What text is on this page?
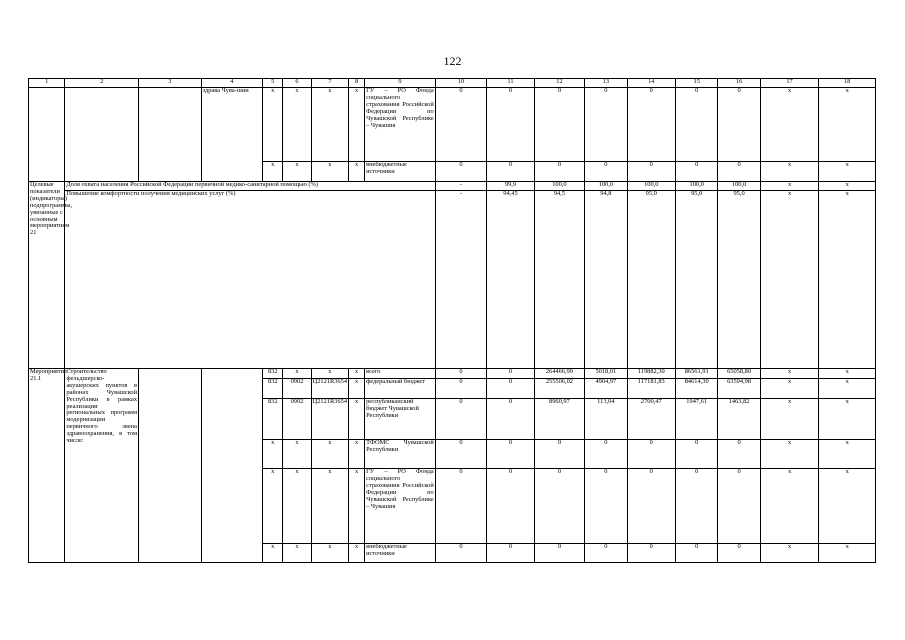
122
1	2	3	4	5	6	7	8	9	10	11	12	13	14	15	16	17	18
			здрава Чува-шии	x	x	x	x	ГУ – РО Фонда социального страхования Российской Федерации по Чувашской Республике – Чувашия	0	0	0	0	0	0	0	x	x
				x	x	x	x	внебюджетные источники	0	0	0	0	0	0	0	x	x
Целевые показатели (индикаторы) подпрограммы, увязанные с основным мероприятием 21	Доля охвата населения Российской Федерации первичной медико-санитарной помощью (%)								-	99,9	100,0	100,0	100,0	100,0	100,0	x	x
	Повышение комфортности получения медицинских услуг (%)								-	94,45	94,5	94,8	95,0	95,0	95,0	x	x
Мероприятие 21.1	Строительство фельдшерско-акушерских пунктов в районах Чувашской Республики в рамках реализации региональных программ модернизации первичного звена здравоохранения, в том числе:			832	x	x	x	всего	0	0	264466,99	5018,01	119882,30	86561,91	65058,80	x	x
				832	0902	Ц2121R3654	x	федеральный бюджет	0	0	255506,02	4904,97	117181,83	84614,30	63594,98	x	x
				832	0902	Ц2121R3654	x	республиканский бюджет Чувашской Республики	0	0	8960,97	113,04	2700,47	1947,61	1463,82	x	x
				x	x	x	x	ТФОМС Чувашской Республики	0	0	0	0	0	0	0	x	x
				x	x	x	x	ГУ – РО Фонда социального страхования Российской Федерации по Чувашской Республике – Чувашия	0	0	0	0	0	0	0	x	x
				x	x	x	x	внебюджетные источники	0	0	0	0	0	0	0	x	x
